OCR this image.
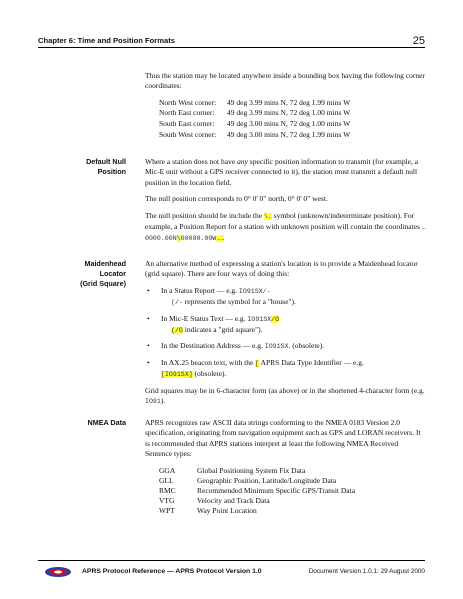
Chapter 6: Time and Position Formats	25

Thus the station may be located anywhere inside a bounding box having the following corner coordinates:

North West corner:	49 deg 3.99 mins N, 72 deg 1.99 mins W
North East corner:	49 deg 3.99 mins N, 72 deg 1.00 mins W
South East corner:	49 deg 3.00 mins N, 72 deg 1.00 mins W
South West corner:	49 deg 3.00 mins N, 72 deg 1.99 mins W
Default Null
Position

Where a station does not have any specific position information to transmit (for example, a Mic-E unit without a GPS receiver connected to it), the station must transmit a default null position in the location field.

The null position corresponds to 0° 0' 0" north, 0° 0' 0" west.

The null position should be include the \. symbol (unknown/indeterminate position). For example, a Position Report for a station with unknown position will contain the coordinates …0000.00N\00000.00W.…

Maidenhead
Locator
(Grid Square)

An alternative method of expressing a station's location is to provide a Maidenhead locator (grid square). There are four ways of doing this:

• In a Status Report — e.g. IO91SX/-
(/- represents the symbol for a "house").
• In Mic-E Status Text — e.g. IO91SX/G
(/G indicates a "grid square").
• In the Destination Address — e.g. IO91SX. (obsolete).
• In AX.25 beacon text, with the [ APRS Data Type Identifier — e.g.
[IO91SX] (obsolete).

Grid squares may be in 6-character form (as above) or in the shortened 4-character form (e.g. IO91).

NMEA Data	APRS recognizes raw ASCII data strings conforming to the NMEA 0183 Version 2.0 specification, originating from navigation equipment such as GPS and LORAN receivers. It is recommended that APRS stations interpret at least the following NMEA Received Sentence types:

GGA	Global Positioning System Fix Data
GLL	Geographic Position, Latitude/Longitude Data
RMC	Recommended Minimum Specific GPS/Transit Data
VTG	Velocity and Track Data
WPT	Way Point Location
APRS Protocol Reference — APRS Protocol Version 1.0	Document Version 1.0.1: 29 August 2000
